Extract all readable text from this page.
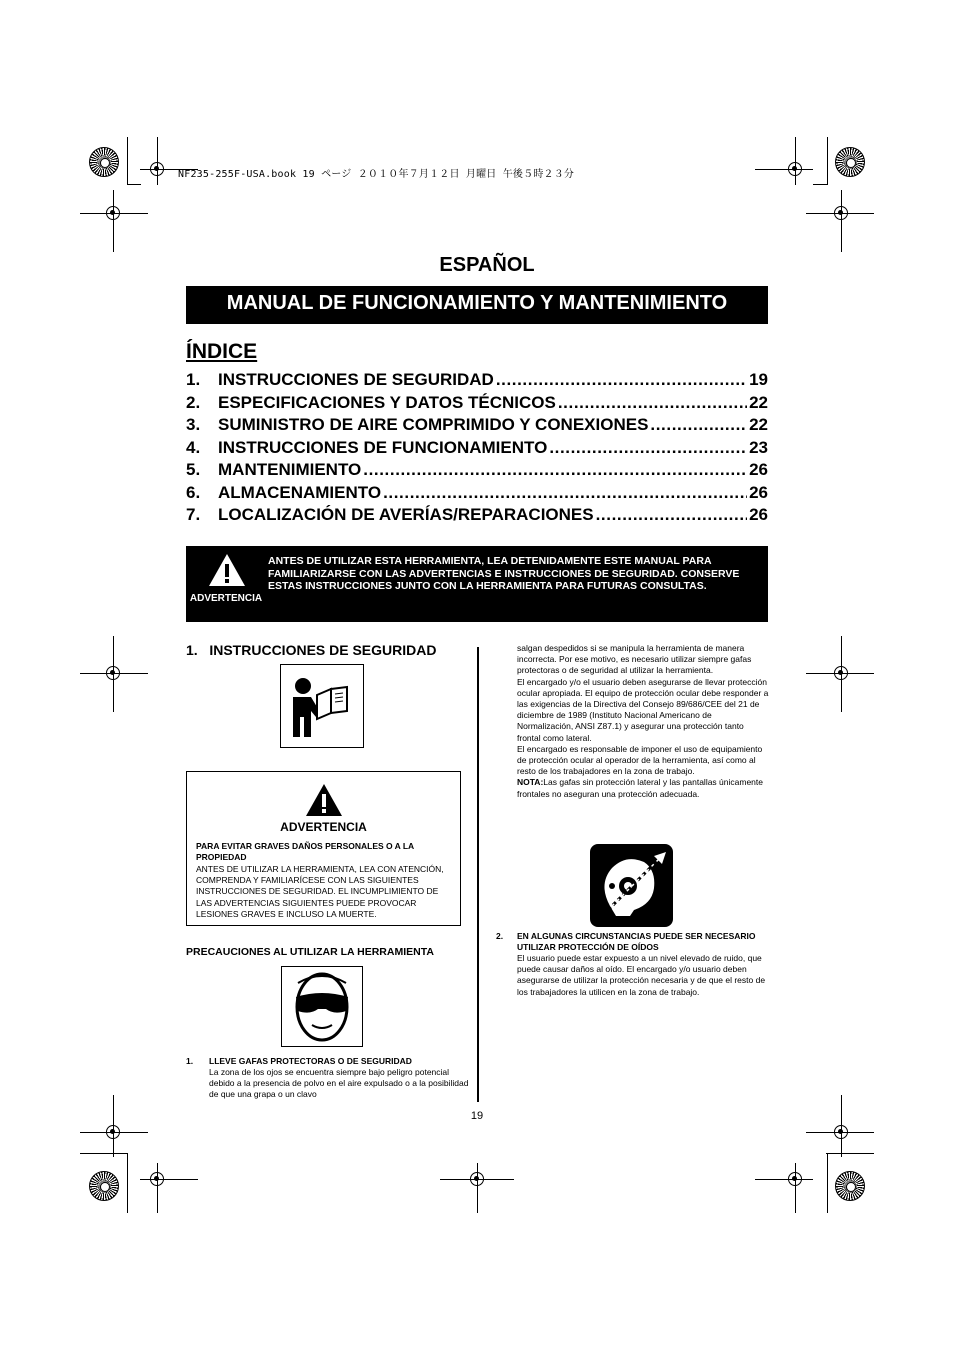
NF235-255F-USA.book 19 ページ ２０１０年７月１２日 月曜日 午後５時２３分
ESPAÑOL
MANUAL DE FUNCIONAMIENTO Y MANTENIMIENTO
ÍNDICE
1.	INSTRUCCIONES DE SEGURIDAD .....	19
2.	ESPECIFICACIONES Y DATOS TÉCNICOS .....	22
3.	SUMINISTRO DE AIRE COMPRIMIDO Y CONEXIONES .....	22
4.	INSTRUCCIONES DE FUNCIONAMIENTO .....	23
5.	MANTENIMIENTO .....	26
6.	ALMACENAMIENTO .....	26
7.	LOCALIZACIÓN DE AVERÍAS/REPARACIONES .....	26
ADVERTENCIA
ANTES DE UTILIZAR ESTA HERRAMIENTA, LEA DETENIDAMENTE ESTE MANUAL PARA FAMILIARIZARSE CON LAS ADVERTENCIAS E INSTRUCCIONES DE SEGURIDAD. CONSERVE ESTAS INSTRUCCIONES JUNTO CON LA HERRAMIENTA PARA FUTURAS CONSULTAS.
1.   INSTRUCCIONES DE SEGURIDAD
ADVERTENCIA
PARA EVITAR GRAVES DAÑOS PERSONALES O A LA PROPIEDAD
ANTES DE UTILIZAR LA HERRAMIENTA, LEA CON ATENCIÓN, COMPRENDA Y FAMILIARÍCESE CON LAS SIGUIENTES INSTRUCCIONES DE SEGURIDAD. EL INCUMPLIMIENTO DE LAS ADVERTENCIAS SIGUIENTES PUEDE PROVOCAR LESIONES GRAVES E INCLUSO LA MUERTE.
PRECAUCIONES AL UTILIZAR LA HERRAMIENTA
1. LLEVE GAFAS PROTECTORAS O DE SEGURIDAD
La zona de los ojos se encuentra siempre bajo peligro potencial debido a la presencia de polvo en el aire expulsado o a la posibilidad de que una grapa o un clavo
salgan despedidos si se manipula la herramienta de manera incorrecta. Por ese motivo, es necesario utilizar siempre gafas protectoras o de seguridad al utilizar la herramienta.
El encargado y/o el usuario deben asegurarse de llevar protección ocular apropiada. El equipo de protección ocular debe responder a las exigencias de la Directiva del Consejo 89/686/CEE del 21 de diciembre de 1989 (Instituto Nacional Americano de Normalización, ANSI Z87.1) y asegurar una protección tanto frontal como lateral.
El encargado es responsable de imponer el uso de equipamiento de protección ocular al operador de la herramienta, así como al resto de los trabajadores en la zona de trabajo.
NOTA:Las gafas sin protección lateral y las pantallas únicamente frontales no aseguran una protección adecuada.
2. EN ALGUNAS CIRCUNSTANCIAS PUEDE SER NECESARIO UTILIZAR PROTECCIÓN DE OÍDOS
El usuario puede estar expuesto a un nivel elevado de ruido, que puede causar daños al oído. El encargado y/o usuario deben asegurarse de utilizar la protección necesaria y de que el resto de los trabajadores la utilicen en la zona de trabajo.
19
